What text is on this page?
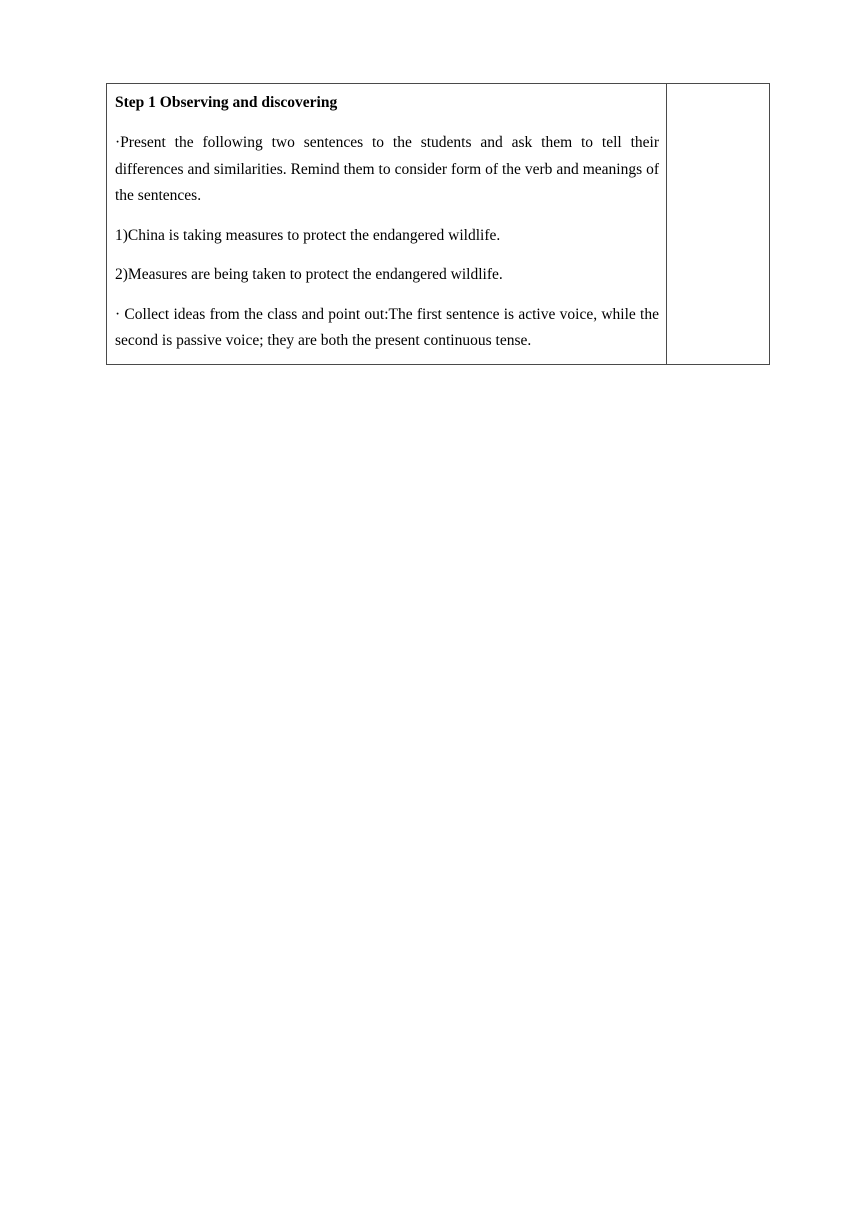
Step 1 Observing and discovering

·Present the following two sentences to the students and ask them to tell their differences and similarities. Remind them to consider form of the verb and meanings of the sentences.

1)China is taking measures to protect the endangered wildlife.

2)Measures are being taken to protect the endangered wildlife.

· Collect ideas from the class and point out:The first sentence is active voice, while the second is passive voice; they are both the present continuous tense.
